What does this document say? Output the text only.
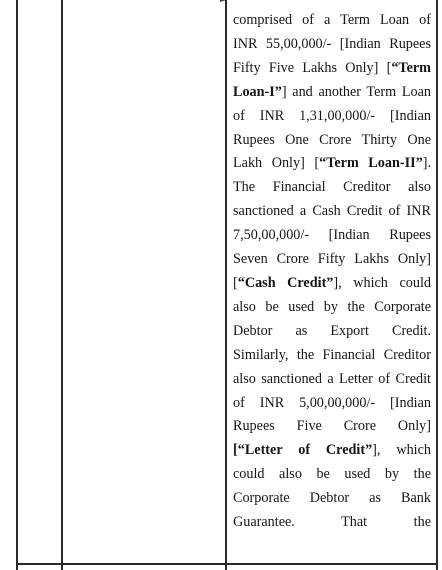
comprised of a Term Loan of
INR 55,00,000/- [Indian Rupees
Fifty Five Lakhs Only] [“Term
Loan-I”] and another Term Loan
of INR 1,31,00,000/- [Indian
Rupees One Crore Thirty One
Lakh Only] [“Term Loan-II”].
The Financial Creditor also
sanctioned a Cash Credit of INR
7,50,00,000/- [Indian Rupees
Seven Crore Fifty Lakhs Only]
[“Cash Credit”], which could
also be used by the Corporate
Debtor as Export Credit.
Similarly, the Financial Creditor
also sanctioned a Letter of Credit
of INR 5,00,00,000/- [Indian
Rupees Five Crore Only]
[“Letter of Credit”], which
could also be used by the
Corporate Debtor as Bank
Guarantee. That the
